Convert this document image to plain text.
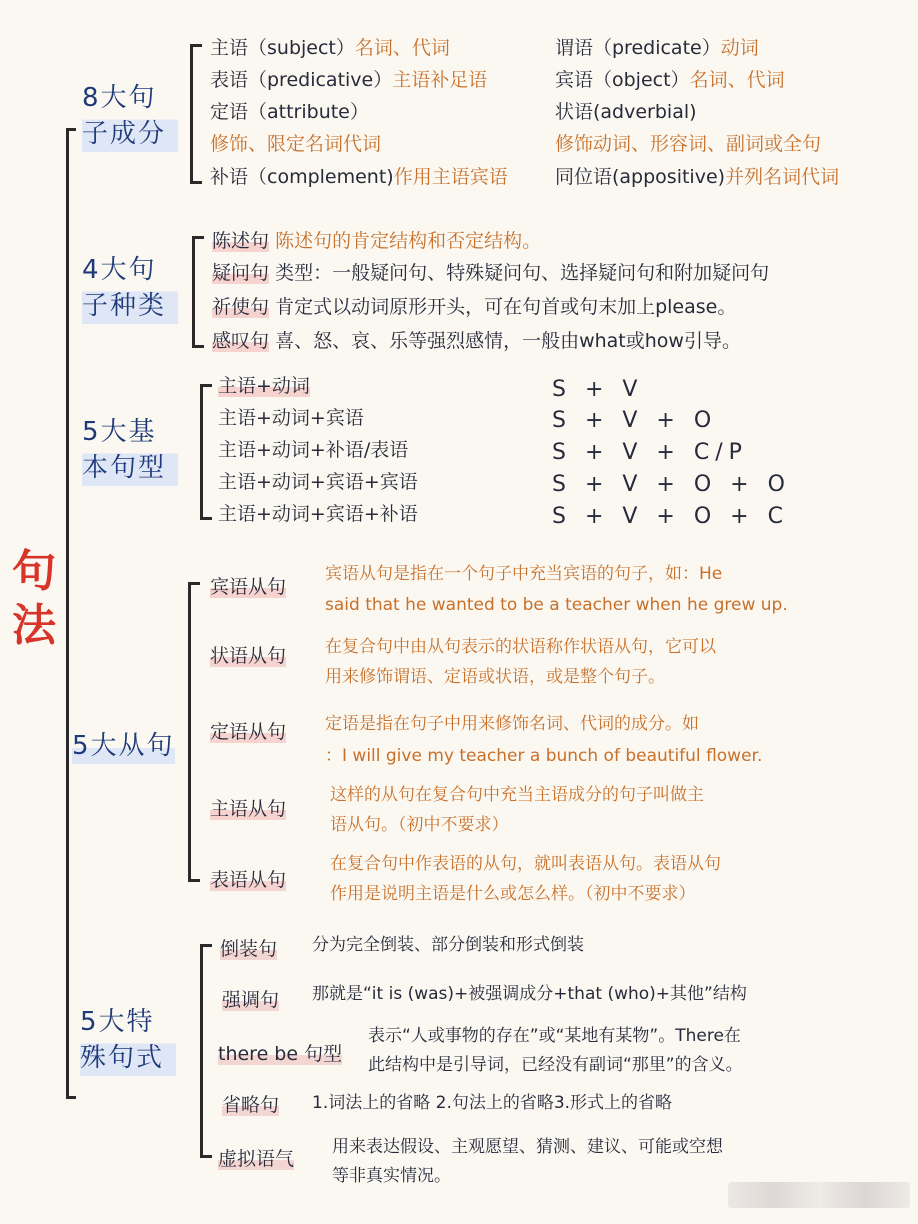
句法
8大句
子成分
主语（subject）名词、代词	谓语（predicate）动词
表语（predicative）主语补足语	宾语（object）名词、代词
定语（attribute）	状语(adverbial)
修饰、限定名词代词	修饰动词、形容词、副词或全句
补语（complement)作用主语宾语 同位语(appositive)并列名词代词
4大句
子种类
陈述句 陈述句的肯定结构和否定结构。
疑问句 类型：一般疑问句、特殊疑问句、选择疑问句和附加疑问句
祈使句 肯定式以动词原形开头，可在句首或句末加上please。
感叹句 喜、怒、哀、乐等强烈感情，一般由what或how引导。
5大基
本句型
主语+动词	S + V
主语+动词+宾语	S + V + O
主语+动词+补语/表语	S + V + C/P
主语+动词+宾语+宾语	S + V + O + O
主语+动词+宾语+补语	S + V + O + C
5大从句
宾语从句
宾语从句是指在一个句子中充当宾语的句子，如：He
said that he wanted to be a teacher when he grew up.
状语从句 在复合句中由从句表示的状语称作状语从句，它可以
用来修饰谓语、定语或状语，或是整个句子。
定语从句 定语是指在句子中用来修饰名词、代词的成分。如
：I will give my teacher a bunch of beautiful flower.
主语从句
这样的从句在复合句中充当主语成分的句子叫做主
语从句。（初中不要求）
表语从句
在复合句中作表语的从句，就叫表语从句。表语从句
作用是说明主语是什么或怎么样。（初中不要求）
5大特
殊句式
倒装句 分为完全倒装、部分倒装和形式倒装
强调句 那就是“it is (was)+被强调成分+that (who)+其他”结构
there be 句型
表示“人或事物的存在”或“某地有某物”。There在
此结构中是引导词，已经没有副词“那里”的含义。
省略句 1.词法上的省略 2.句法上的省略3.形式上的省略
虚拟语气
用来表达假设、主观愿望、猜测、建议、可能或空想
等非真实情况。
